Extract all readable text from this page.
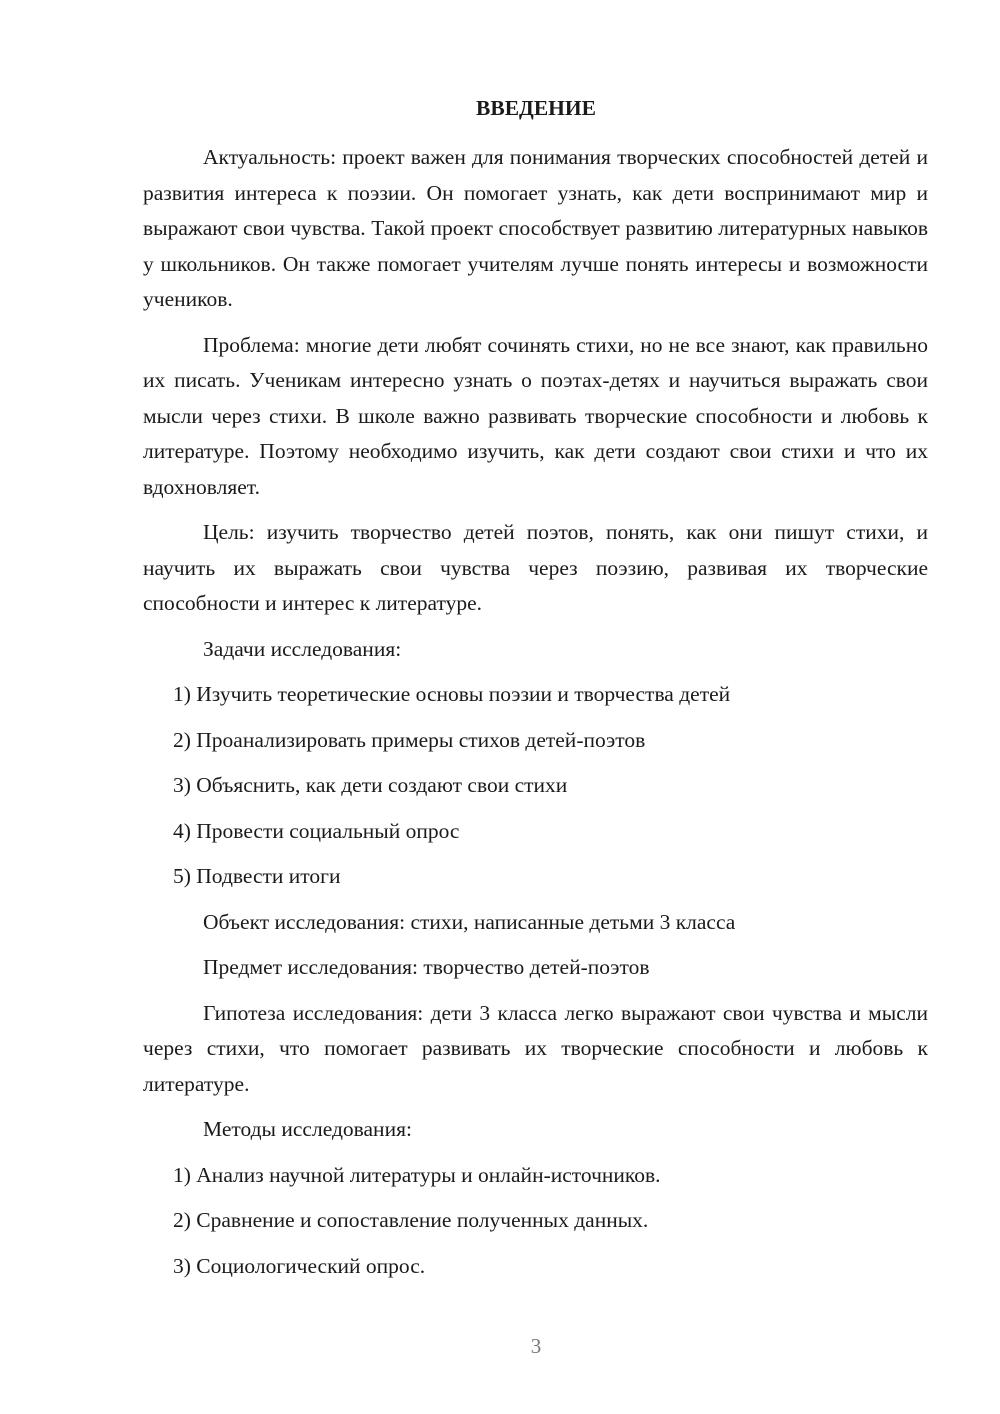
ВВЕДЕНИЕ

Актуальность: проект важен для понимания творческих способностей детей и развития интереса к поэзии. Он помогает узнать, как дети воспринимают мир и выражают свои чувства. Такой проект способствует развитию литературных навыков у школьников. Он также помогает учителям лучше понять интересы и возможности учеников.

Проблема: многие дети любят сочинять стихи, но не все знают, как правильно их писать. Ученикам интересно узнать о поэтах-детях и научиться выражать свои мысли через стихи. В школе важно развивать творческие способности и любовь к литературе. Поэтому необходимо изучить, как дети создают свои стихи и что их вдохновляет.

Цель: изучить творчество детей поэтов, понять, как они пишут стихи, и научить их выражать свои чувства через поэзию, развивая их творческие способности и интерес к литературе.

Задачи исследования:

1) Изучить теоретические основы поэзии и творчества детей

2) Проанализировать примеры стихов детей-поэтов

3) Объяснить, как дети создают свои стихи

4) Провести социальный опрос

5) Подвести итоги

Объект исследования: стихи, написанные детьми 3 класса

Предмет исследования: творчество детей-поэтов

Гипотеза исследования: дети 3 класса легко выражают свои чувства и мысли через стихи, что помогает развивать их творческие способности и любовь к литературе.

Методы исследования:

1) Анализ научной литературы и онлайн-источников.

2) Сравнение и сопоставление полученных данных.

3) Социологический опрос.

3
